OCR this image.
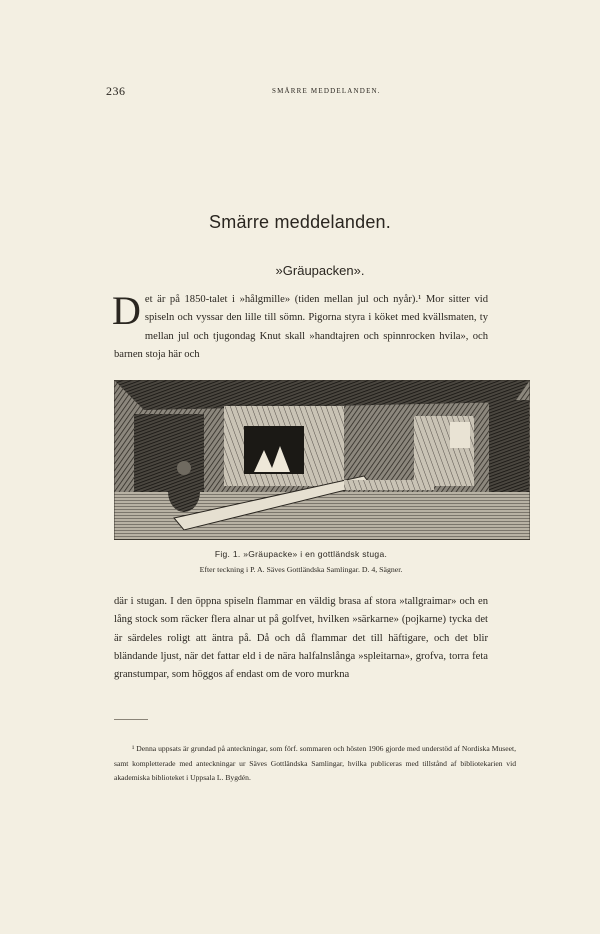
236	SMÄRRE MEDDELANDEN.
Smärre meddelanden.
»Gräupacken».
D et är på 1850-talet i »hålgmille» (tiden mellan jul och nyår).¹ Mor sitter vid spiseln och vyssar den lille till sömn. Pigorna styra i köket med kvällsmaten, ty mellan jul och tjugondag Knut skall »handtajren och spinnrocken hvila», och barnen stoja här och

Fig. 1. »Gräupacke» i en gottländsk stuga.
Efter teckning i P. A. Säves Gottländska Samlingar. D. 4, Sägner.

där i stugan. I den öppna spiseln flammar en väldig brasa af stora »tallgraimar» och en lång stock som räcker flera alnar ut på golfvet, hvilken »särkarne» (pojkarne) tycka det är särdeles roligt att äntra på. Då och då flammar det till häftigare, och det blir bländande ljust, när det fattar eld i de nära halfalnslånga »spleitarna», grofva, torra feta granstumpar, som höggos af endast om de voro murkna

¹ Denna uppsats är grundad på anteckningar, som förf. sommaren och hösten 1906 gjorde med understöd af Nordiska Museet, samt kompletterade med anteckningar ur Säves Gottländska Samlingar, hvilka publiceras med tillstånd af bibliotekarien vid akademiska biblioteket i Uppsala L. Bygdén.
